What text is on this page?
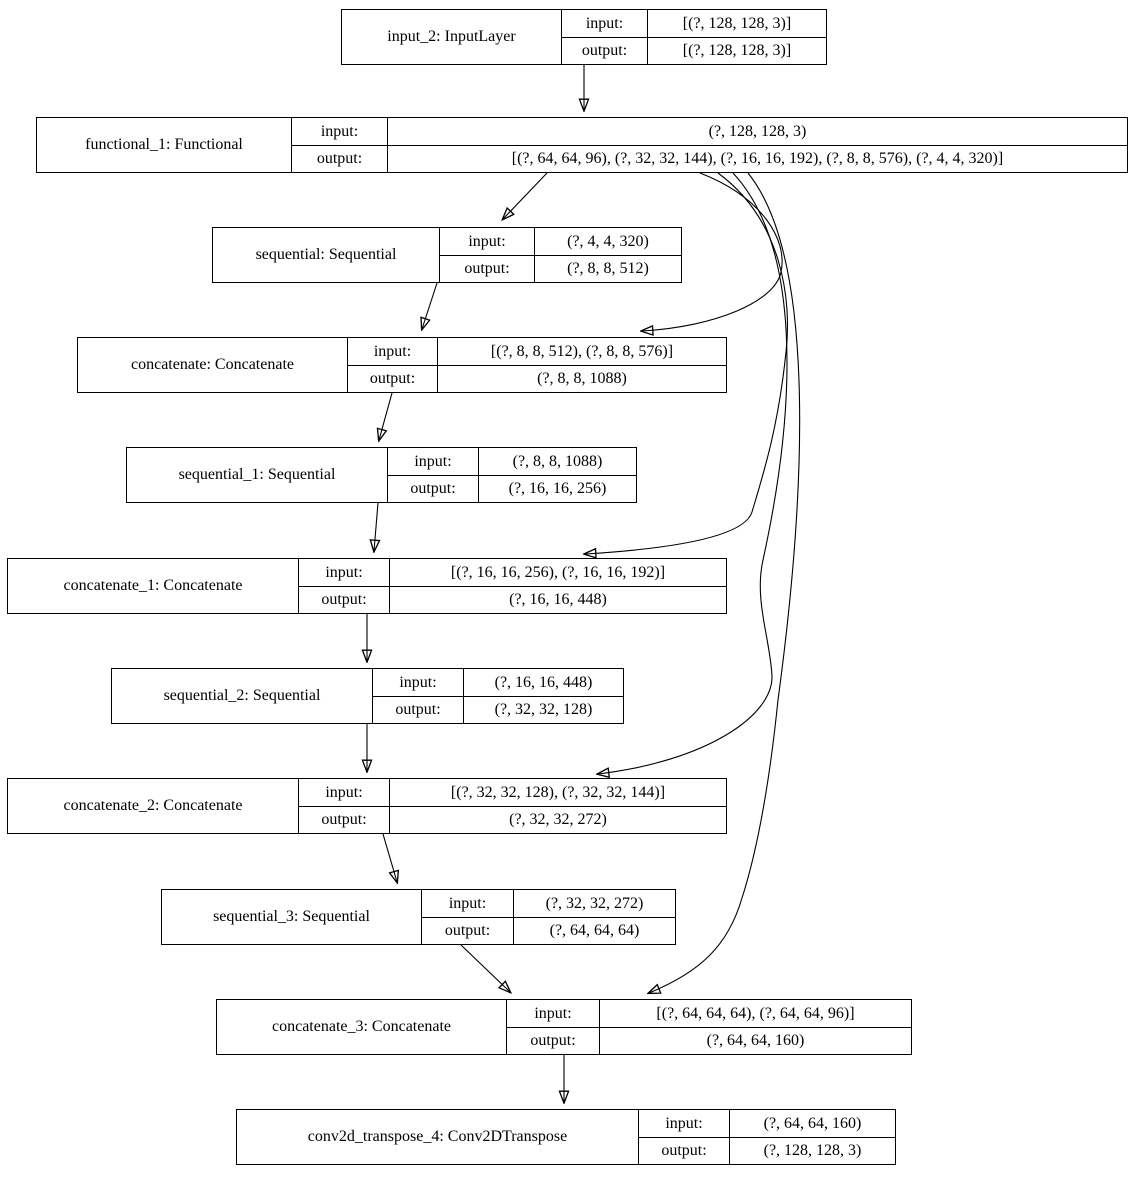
input_2: InputLayer
input:	[(?, 128, 128, 3)]
output:	[(?, 128, 128, 3)]
functional_1: Functional
input:	(?, 128, 128, 3)
output:	[(?, 64, 64, 96), (?, 32, 32, 144), (?, 16, 16, 192), (?, 8, 8, 576), (?, 4, 4, 320)]
sequential: Sequential
input:	(?, 4, 4, 320)
output:	(?, 8, 8, 512)
concatenate: Concatenate
input:	[(?, 8, 8, 512), (?, 8, 8, 576)]
output:	(?, 8, 8, 1088)
sequential_1: Sequential
input:	(?, 8, 8, 1088)
output:	(?, 16, 16, 256)
concatenate_1: Concatenate
input:	[(?, 16, 16, 256), (?, 16, 16, 192)]
output:	(?, 16, 16, 448)
sequential_2: Sequential
input:	(?, 16, 16, 448)
output:	(?, 32, 32, 128)
concatenate_2: Concatenate
input:	[(?, 32, 32, 128), (?, 32, 32, 144)]
output:	(?, 32, 32, 272)
sequential_3: Sequential
input:	(?, 32, 32, 272)
output:	(?, 64, 64, 64)
concatenate_3: Concatenate
input:	[(?, 64, 64, 64), (?, 64, 64, 96)]
output:	(?, 64, 64, 160)
conv2d_transpose_4: Conv2DTranspose
input:	(?, 64, 64, 160)
output:	(?, 128, 128, 3)
